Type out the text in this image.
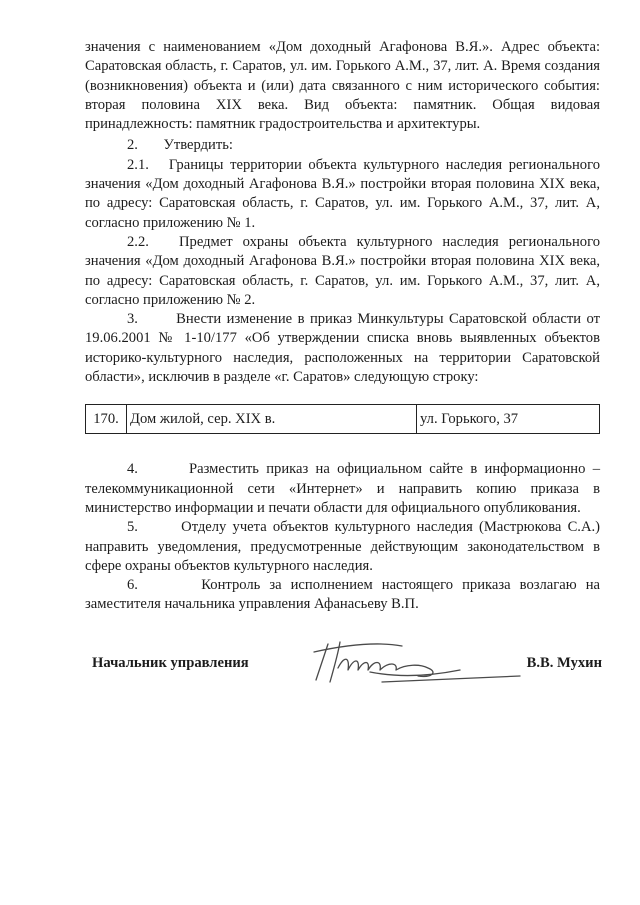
значения с наименованием «Дом доходный Агафонова В.Я.». Адрес объекта: Саратовская область, г. Саратов, ул. им. Горького А.М., 37, лит. А. Время создания (возникновения) объекта и (или) дата связанного с ним исторического события: вторая половина XIX века. Вид объекта: памятник. Общая видовая принадлежность: памятник градостроительства и архитектуры.

2.       Утвердить:

2.1.   Границы территории объекта культурного наследия регионального значения «Дом доходный Агафонова В.Я.» постройки вторая половина XIX века, по адресу: Саратовская область, г. Саратов, ул. им. Горького А.М., 37, лит. А, согласно приложению № 1.

2.2.   Предмет охраны объекта культурного наследия регионального значения «Дом доходный Агафонова В.Я.» постройки вторая половина XIX века, по адресу: Саратовская область, г. Саратов, ул. им. Горького А.М., 37, лит. А, согласно приложению № 2.

3.       Внести изменение в приказ Минкультуры Саратовской области от 19.06.2001 № 1-10/177 «Об утверждении списка вновь выявленных объектов историко-культурного наследия, расположенных на территории Саратовской области», исключив в разделе «г. Саратов» следующую строку:

170.	Дом жилой, сер. XIX в.	ул. Горького, 37

4.       Разместить приказ на официальном сайте в информационно – телекоммуникационной сети «Интернет» и направить копию приказа в министерство информации и печати области для официального опубликования.

5.       Отделу учета объектов культурного наследия (Мастрюкова С.А.) направить уведомления, предусмотренные действующим законодательством в сфере охраны объектов культурного наследия.

6.       Контроль за исполнением настоящего приказа возлагаю на заместителя начальника управления Афанасьеву В.П.

Начальник управления	В.В. Мухин
